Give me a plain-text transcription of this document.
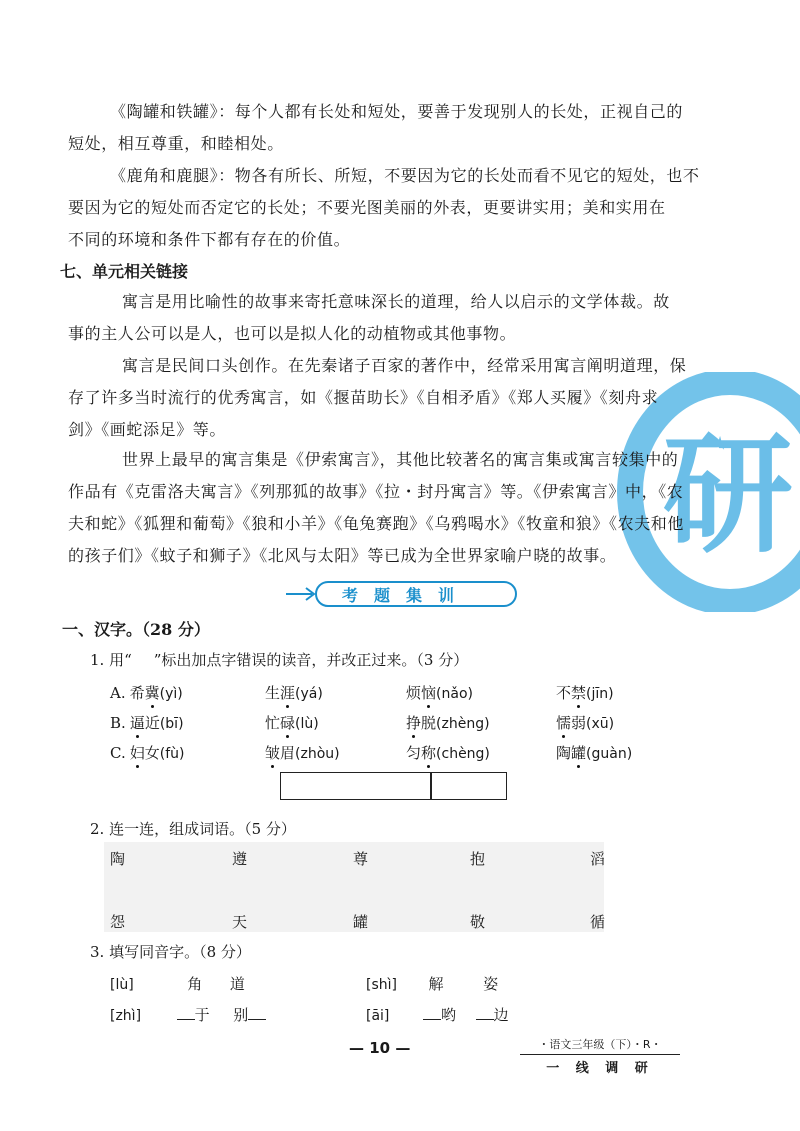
研
《陶罐和铁罐》：每个人都有长处和短处，要善于发现别人的长处，正视自己的
短处，相互尊重，和睦相处。
《鹿角和鹿腿》：物各有所长、所短，不要因为它的长处而看不见它的短处，也不
要因为它的短处而否定它的长处；不要光图美丽的外表，更要讲实用；美和实用在
不同的环境和条件下都有存在的价值。
七、单元相关链接
寓言是用比喻性的故事来寄托意味深长的道理，给人以启示的文学体裁。故
事的主人公可以是人，也可以是拟人化的动植物或其他事物。
寓言是民间口头创作。在先秦诸子百家的著作中，经常采用寓言阐明道理，保
存了许多当时流行的优秀寓言，如《揠苗助长》《自相矛盾》《郑人买履》《刻舟求
剑》《画蛇添足》等。
世界上最早的寓言集是《伊索寓言》，其他比较著名的寓言集或寓言较集中的
作品有《克雷洛夫寓言》《列那狐的故事》《拉・封丹寓言》等。《伊索寓言》中，《农
夫和蛇》《狐狸和葡萄》《狼和小羊》《龟兔赛跑》《乌鸦喝水》《牧童和狼》《农夫和他
的孩子们》《蚊子和狮子》《北风与太阳》等已成为全世界家喻户晓的故事。
考题集训
一、汉字。（28 分）
1. 用“ ”标出加点字错误的读音，并改正过来。（3 分）
A. 希冀(yì)	生涯(yá)	烦恼(nǎo)	不禁(jīn)
B. 逼近(bī)	忙碌(lù)	挣脱(zhèng)	懦弱(xū)
C. 妇女(fù)	皱眉(zhòu)	匀称(chèng)	陶罐(guàn)
2. 连一连，组成词语。（5 分）
陶	遵	尊	抱	滔
怨	天	罐	敬	循
3. 填写同音字。（8 分）
[lù]	角 道	[shì] 解	姿
[zhì]	于 别	[āi]	哟	边
— 10 —	・语文三年级（下）・R・
一 线 调 研
